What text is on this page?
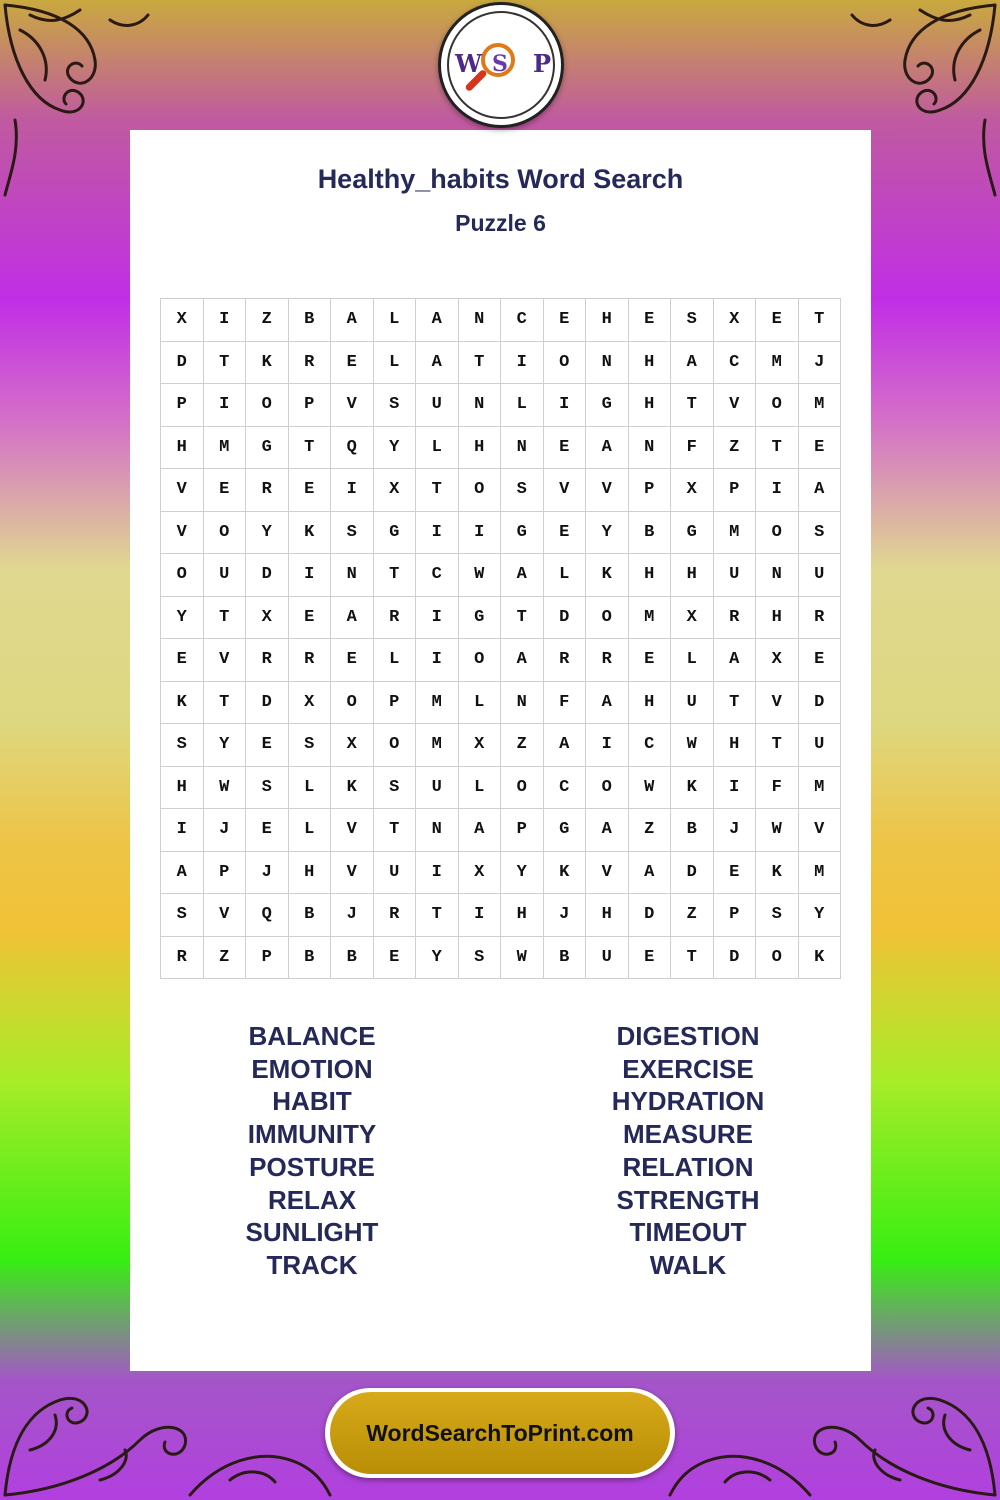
W S P
Healthy_habits Word Search
Puzzle 6
X	I	Z	B	A	L	A	N	C	E	H	E	S	X	E	T
D	T	K	R	E	L	A	T	I	O	N	H	A	C	M	J
P	I	O	P	V	S	U	N	L	I	G	H	T	V	O	M
H	M	G	T	Q	Y	L	H	N	E	A	N	F	Z	T	E
V	E	R	E	I	X	T	O	S	V	V	P	X	P	I	A
V	O	Y	K	S	G	I	I	G	E	Y	B	G	M	O	S
O	U	D	I	N	T	C	W	A	L	K	H	H	U	N	U
Y	T	X	E	A	R	I	G	T	D	O	M	X	R	H	R
E	V	R	R	E	L	I	O	A	R	R	E	L	A	X	E
K	T	D	X	O	P	M	L	N	F	A	H	U	T	V	D
S	Y	E	S	X	O	M	X	Z	A	I	C	W	H	T	U
H	W	S	L	K	S	U	L	O	C	O	W	K	I	F	M
I	J	E	L	V	T	N	A	P	G	A	Z	B	J	W	V
A	P	J	H	V	U	I	X	Y	K	V	A	D	E	K	M
S	V	Q	B	J	R	T	I	H	J	H	D	Z	P	S	Y
R	Z	P	B	B	E	Y	S	W	B	U	E	T	D	O	K
BALANCE
EMOTION
HABIT
IMMUNITY
POSTURE
RELAX
SUNLIGHT
TRACK
DIGESTION
EXERCISE
HYDRATION
MEASURE
RELATION
STRENGTH
TIMEOUT
WALK
WordSearchToPrint.com
